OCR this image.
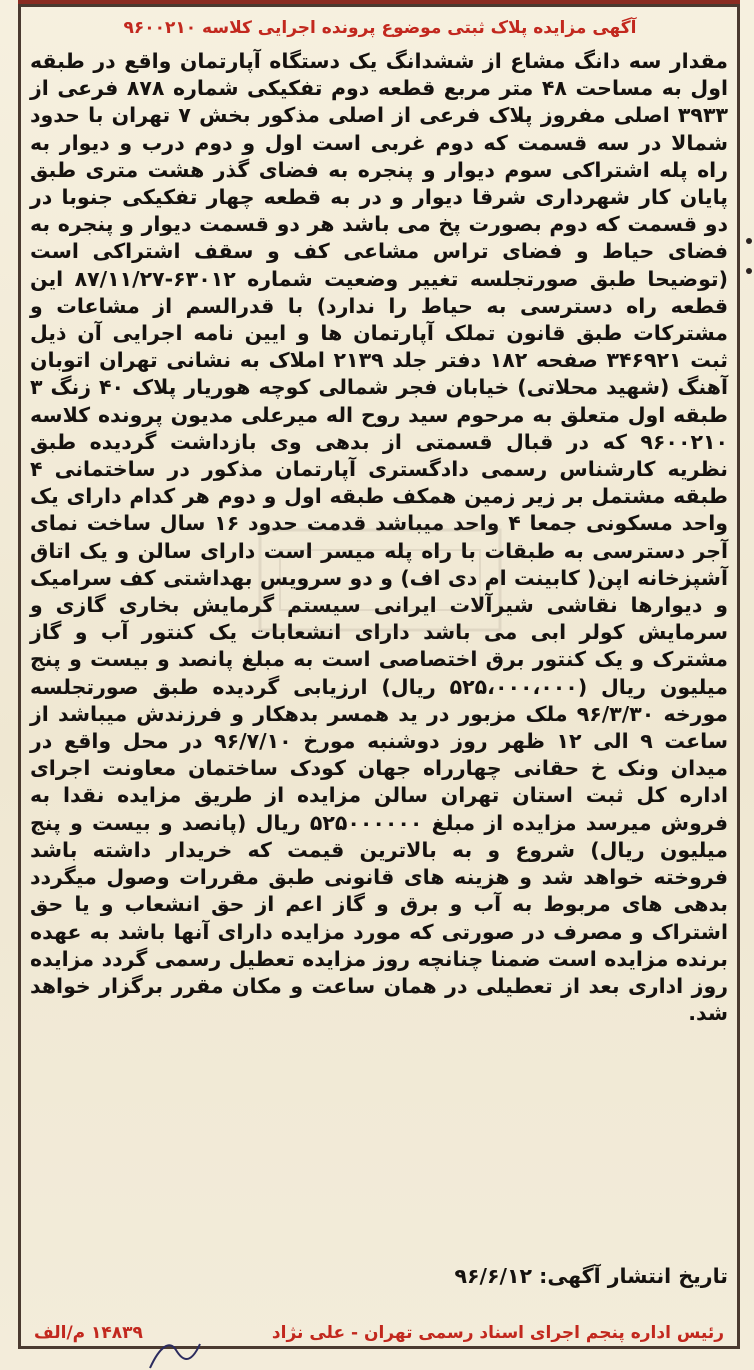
آگهی مزایده پلاک ثبتی موضوع پرونده اجرایی کلاسه ۹۶۰۰۲۱۰

مقدار سه دانگ مشاع از ششدانگ یک دستگاه آپارتمان واقع در طبقه اول به مساحت ۴۸ متر مربع قطعه دوم تفکیکی شماره ۸۷۸ فرعی از ۳۹۳۳ اصلی مفروز پلاک فرعی از اصلی مذکور بخش ۷ تهران با حدود شمالا در سه قسمت که دوم غربی است اول و دوم درب و دیوار به راه پله اشتراکی سوم دیوار و پنجره به فضای گذر هشت متری طبق پایان کار شهرداری شرقا دیوار و در به قطعه چهار تفکیکی جنوبا در دو قسمت که دوم بصورت پخ می باشد هر دو قسمت دیوار و پنجره به فضای حیاط و فضای تراس مشاعی کف و سقف اشتراکی است (توضیحا طبق صورتجلسه تغییر وضعیت شماره ۶۳۰۱۲-۸۷/۱۱/۲۷ این قطعه راه دسترسی به حیاط را ندارد) با قدرالسم از مشاعات و مشترکات طبق قانون تملک آپارتمان ها و ایین نامه اجرایی آن ذیل ثبت ۳۴۶۹۲۱ صفحه ۱۸۲ دفتر جلد ۲۱۳۹ املاک به نشانی تهران اتوبان آهنگ (شهید محلاتی) خیابان فجر شمالی کوچه هوریار پلاک ۴۰ زنگ ۳ طبقه اول متعلق به مرحوم سید روح اله میرعلی مدیون پرونده کلاسه ۹۶۰۰۲۱۰ که در قبال قسمتی از بدهی وی بازداشت گردیده طبق نظریه کارشناس رسمی دادگستری آپارتمان مذکور در ساختمانی ۴ طبقه مشتمل بر زیر زمین همکف طبقه اول و دوم هر کدام دارای یک واحد مسکونی جمعا ۴ واحد میباشد قدمت حدود ۱۶ سال ساخت نمای آجر دسترسی به طبقات با راه پله میسر است دارای سالن و یک اتاق آشپزخانه اپن( کابینت ام دی اف) و دو سرویس بهداشتی کف سرامیک و دیوارها نقاشی شیرآلات ایرانی سیستم گرمایش بخاری گازی و سرمایش کولر ابی می باشد دارای انشعابات یک کنتور آب و گاز مشترک و یک کنتور برق اختصاصی است به مبلغ پانصد و بیست و پنج میلیون ریال (۵۲۵،۰۰۰،۰۰۰ ریال) ارزیابی گردیده طبق صورتجلسه مورخه ۹۶/۳/۳۰ ملک مزبور در ید همسر بدهکار و فرزندش میباشد از ساعت ۹ الی ۱۲ ظهر روز دوشنبه مورخ ۹۶/۷/۱۰ در محل واقع در میدان ونک خ حقانی چهارراه جهان کودک ساختمان معاونت اجرای اداره کل ثبت استان تهران سالن مزایده از طریق مزایده نقدا به فروش میرسد مزایده از مبلغ ۵۲۵۰۰۰۰۰۰ ریال (پانصد و بیست و پنج میلیون ریال) شروع و به بالاترین قیمت که خریدار داشته باشد فروخته خواهد شد و هزینه های قانونی طبق مقررات وصول میگردد بدهی های مربوط به آب و برق و گاز اعم از حق انشعاب و یا حق اشتراک و مصرف در صورتی که مورد مزایده دارای آنها باشد به عهده برنده مزایده است ضمنا چنانچه روز مزایده تعطیل رسمی گردد مزایده روز اداری بعد از تعطیلی در همان ساعت و مکان مقرر برگزار خواهد شد.

تاریخ انتشار آگهی: ۹۶/۶/۱۲
رئیس اداره پنجم اجرای اسناد رسمی تهران - علی نژاد
۱۴۸۳۹ م/الف
